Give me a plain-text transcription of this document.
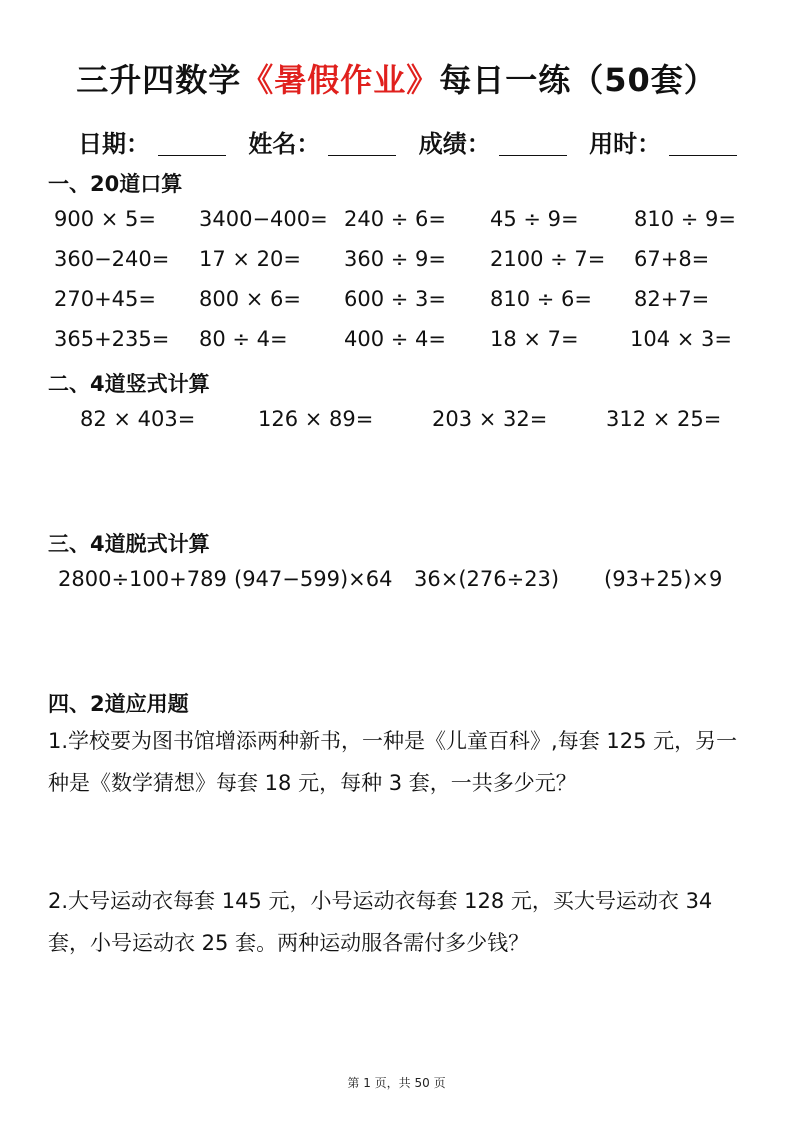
三升四数学《暑假作业》每日一练（50套）
日期：	姓名：	成绩：	用时：
一、20道口算
900 × 5= 3400−400= 240 ÷ 6= 45 ÷ 9=	810 ÷ 9=
360−240= 17 × 20= 360 ÷ 9= 2100 ÷ 7= 67+8=
270+45= 800 × 6= 600 ÷ 3= 810 ÷ 6= 82+7=
365+235= 80 ÷ 4=	400 ÷ 4= 18 × 7= 104 × 3=
二、4道竖式计算
82 × 403=	126 × 89=	203 × 32=	312 × 25=
三、4道脱式计算
2800÷100+789 (947−599)×64 36×(276÷23) (93+25)×9
四、2道应用题
1.学校要为图书馆增添两种新书，一种是《儿童百科》,每套 125 元，另一种是《数学猜想》每套 18 元，每种 3 套，一共多少元？
2.大号运动衣每套 145 元，小号运动衣每套 128 元，买大号运动衣 34 套，小号运动衣 25 套。两种运动服各需付多少钱？
第 1 页，共 50 页
